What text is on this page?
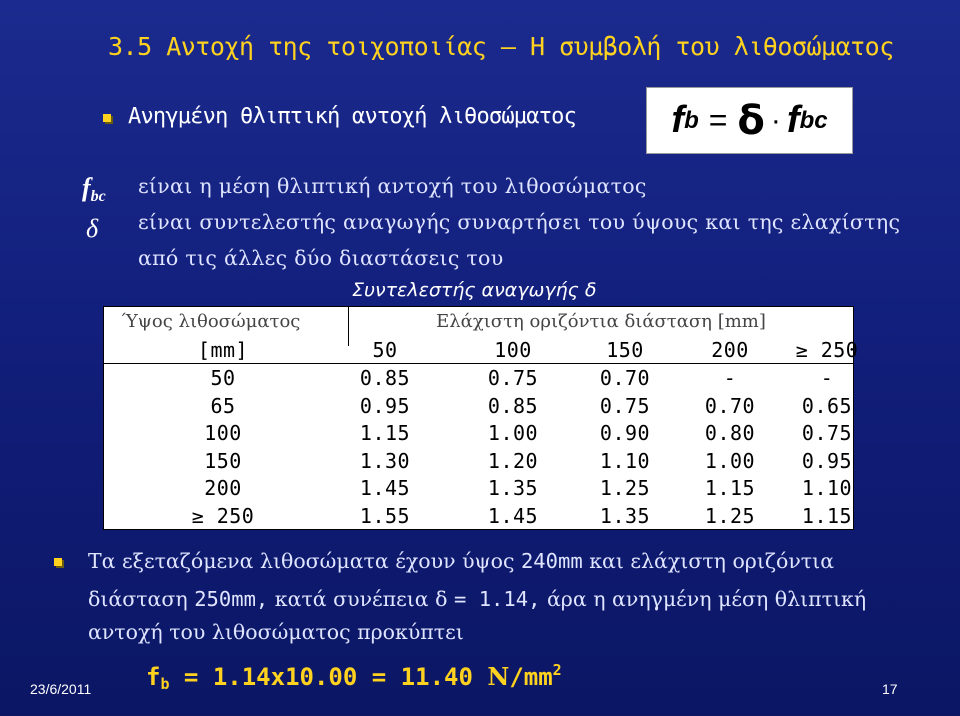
3.5 Αντοχή της τοιχοποιίας – Η συμβολή του λιθοσώματος
Ανηγμένη θλιπτική αντοχή λιθοσώματος	f b = δ · f bc
$f_{bc}$ είναι η μέση θλιπτική αντοχή του λιθοσώματος
δ είναι συντελεστής αναγωγής συναρτήσει του ύψους και της ελαχίστης
από τις άλλες δύο διαστάσεις του
Συντελεστής αναγωγής δ
Ύψος λιθοσώματος	Ελάχιστη οριζόντια διάσταση [mm]
[mm]	50	100	150	200 ≥ 250
50	0.85	0.75	0.70	-	-
65	0.95	0.85	0.75	0.70 0.65
100	1.15	1.00	0.90	0.80 0.75
150	1.30	1.20	1.10	1.00 0.95
200	1.45	1.35	1.25	1.15 1.10
≥ 250	1.55	1.45	1.35	1.25 1.15
Τα εξεταζόμενα λιθοσώματα έχουν ύψος 240mm και ελάχιστη οριζόντια
διάσταση 250mm, κατά συνέπεια δ = 1.14, άρα η ανηγμένη μέση θλιπτική
αντοχή του λιθοσώματος προκύπτει
$f_b = 1.14x10.00 = 11.40$ $N/mm^2$
23/6/2011	17
